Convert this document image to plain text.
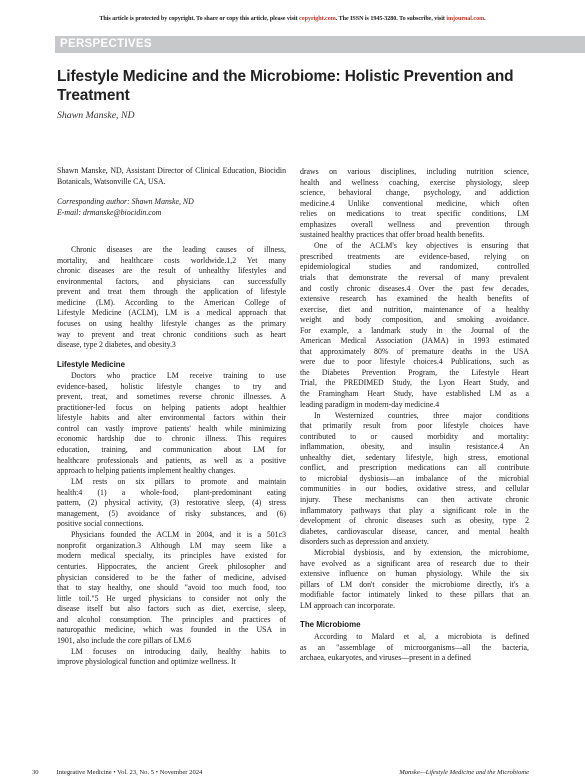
This article is protected by copyright. To share or copy this article, please visit copyright.com. The ISSN is 1945-3280. To subscribe, visit imjournal.com.
PERSPECTIVES
Lifestyle Medicine and the Microbiome: Holistic Prevention and Treatment
Shawn Manske, ND

Shawn Manske, ND, Assistant Director of Clinical Education, Biocidin Botanicals, Watsonville CA, USA.

Corresponding author: Shawn Manske, ND

E-mail: drmanske@biocidin.com

Chronic diseases are the leading causes of illness,
mortality, and healthcare costs worldwide.1,2 Yet many
chronic diseases are the result of unhealthy lifestyles and
environmental factors, and physicians can successfully
prevent and treat them through the application of lifestyle
medicine (LM). According to the American College of
Lifestyle Medicine (ACLM), LM is a medical approach that
focuses on using healthy lifestyle changes as the primary
way to prevent and treat chronic conditions such as heart
disease, type 2 diabetes, and obesity.3

Lifestyle Medicine

Doctors who practice LM receive training to use
evidence-based, holistic lifestyle changes to try and
prevent, treat, and sometimes reverse chronic illnesses. A
practitioner-led focus on helping patients adopt healthier
lifestyle habits and alter environmental factors within their
control can vastly improve patients' health while minimizing
economic hardship due to chronic illness. This requires
education, training, and communication about LM for
healthcare professionals and patients, as well as a positive
approach to helping patients implement healthy changes.

LM rests on six pillars to promote and maintain
health:4 (1) a whole-food, plant-predominant eating
pattern, (2) physical activity, (3) restorative sleep, (4) stress
management, (5) avoidance of risky substances, and (6)
positive social connections.

Physicians founded the ACLM in 2004, and it is a 501c3
nonprofit organization.3 Although LM may seem like a
modern medical specialty, its principles have existed for
centuries. Hippocrates, the ancient Greek philosopher and
physician considered to be the father of medicine, advised
that to stay healthy, one should "avoid too much food, too
little toil."5 He urged physicians to consider not only the
disease itself but also factors such as diet, exercise, sleep,
and alcohol consumption. The principles and practices of
naturopathic medicine, which was founded in the USA in
1901, also include the core pillars of LM.6

LM focuses on introducing daily, healthy habits to
improve physiological function and optimize wellness. It

draws on various disciplines, including nutrition science,
health and wellness coaching, exercise physiology, sleep
science, behavioral change, psychology, and addiction
medicine.4 Unlike conventional medicine, which often
relies on medications to treat specific conditions, LM
emphasizes overall wellness and prevention through
sustained healthy practices that offer broad health benefits.

One of the ACLM's key objectives is ensuring that
prescribed treatments are evidence-based, relying on
epidemiological studies and randomized, controlled
trials that demonstrate the reversal of many prevalent
and costly chronic diseases.4 Over the past few decades,
extensive research has examined the health benefits of
exercise, diet and nutrition, maintenance of a healthy
weight and body composition, and smoking avoidance.
For example, a landmark study in the Journal of the
American Medical Association (JAMA) in 1993 estimated
that approximately 80% of premature deaths in the USA
were due to poor lifestyle choices.4 Publications, such as
the Diabetes Prevention Program, the Lifestyle Heart
Trial, the PREDIMED Study, the Lyon Heart Study, and
the Framingham Heart Study, have established LM as a
leading paradigm in modern-day medicine.4

In Westernized countries, three major conditions
that primarily result from poor lifestyle choices have
contributed to or caused morbidity and mortality:
inflammation, obesity, and insulin resistance.4 An
unhealthy diet, sedentary lifestyle, high stress, emotional
conflict, and prescription medications can all contribute
to microbial dysbiosis—an imbalance of the microbial
communities in our bodies, oxidative stress, and cellular
injury. These mechanisms can then activate chronic
inflammatory pathways that play a significant role in the
development of chronic diseases such as obesity, type 2
diabetes, cardiovascular disease, cancer, and mental health
disorders such as depression and anxiety.

Microbial dysbiosis, and by extension, the microbiome,
have evolved as a significant area of research due to their
extensive influence on human physiology. While the six
pillars of LM don't consider the microbiome directly, it's a
modifiable factor intimately linked to these pillars that an
LM approach can incorporate.

The Microbiome

According to Malard et al, a microbiota is defined
as an "assemblage of microorganisms—all the bacteria,
archaea, eukaryotes, and viruses—present in a defined

30	Integrative Medicine • Vol. 23, No. 5 • November 2024	Manske—Lifestyle Medicine and the Microbiome
